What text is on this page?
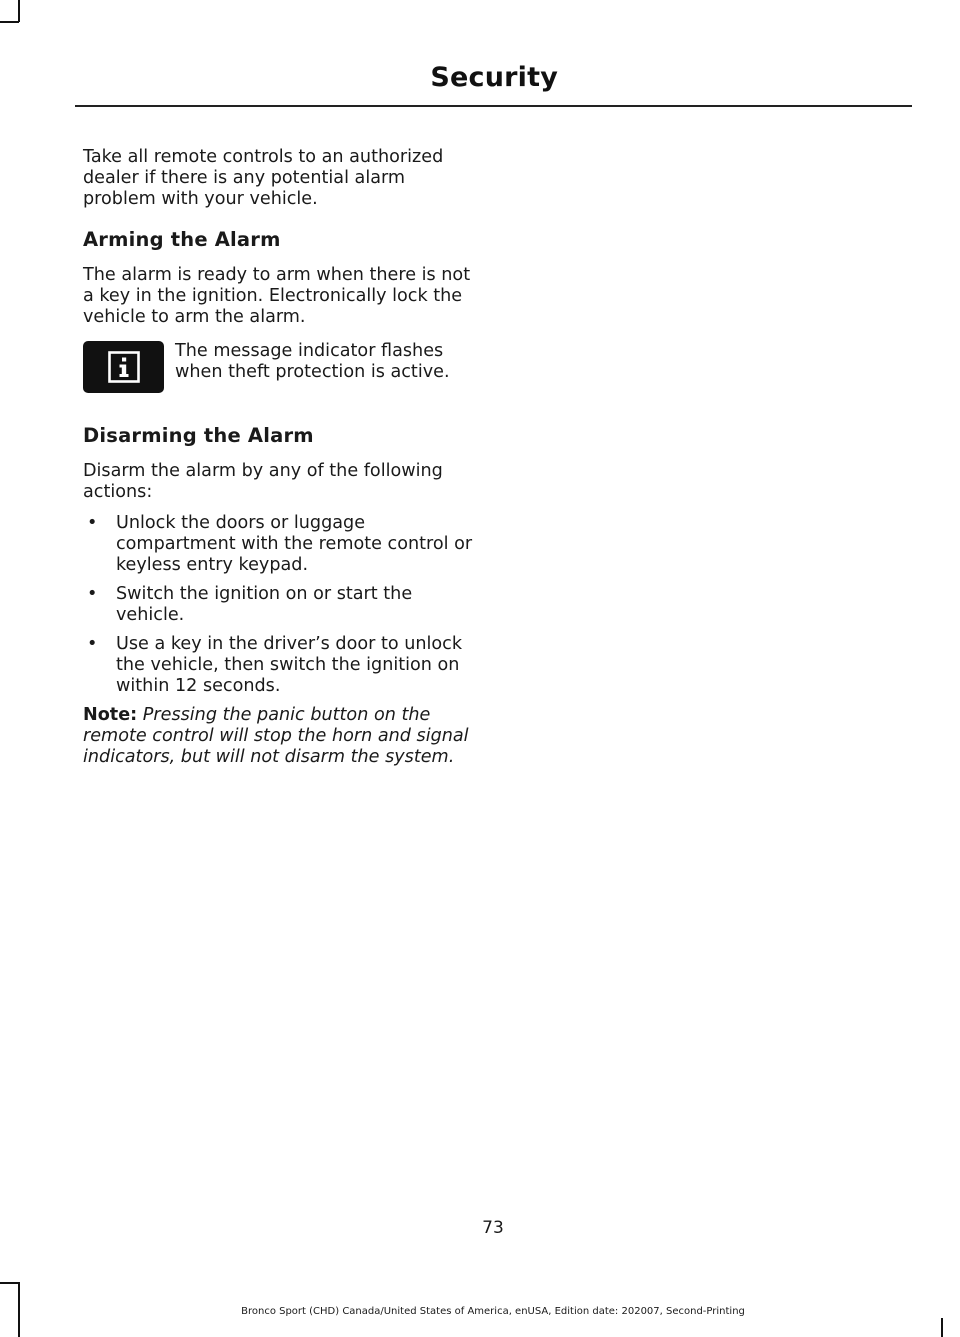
Security

Take all remote controls to an authorized dealer if there is any potential alarm problem with your vehicle.

Arming the Alarm

The alarm is ready to arm when there is not a key in the ignition. Electronically lock the vehicle to arm the alarm.

The message indicator flashes when theft protection is active.

Disarming the Alarm

Disarm the alarm by any of the following actions:

• Unlock the doors or luggage compartment with the remote control or keyless entry keypad.
• Switch the ignition on or start the vehicle.
• Use a key in the driver’s door to unlock the vehicle, then switch the ignition on within 12 seconds.

Note: Pressing the panic button on the remote control will stop the horn and signal indicators, but will not disarm the system.

73
Bronco Sport (CHD) Canada/United States of America, enUSA, Edition date: 202007, Second-Printing
